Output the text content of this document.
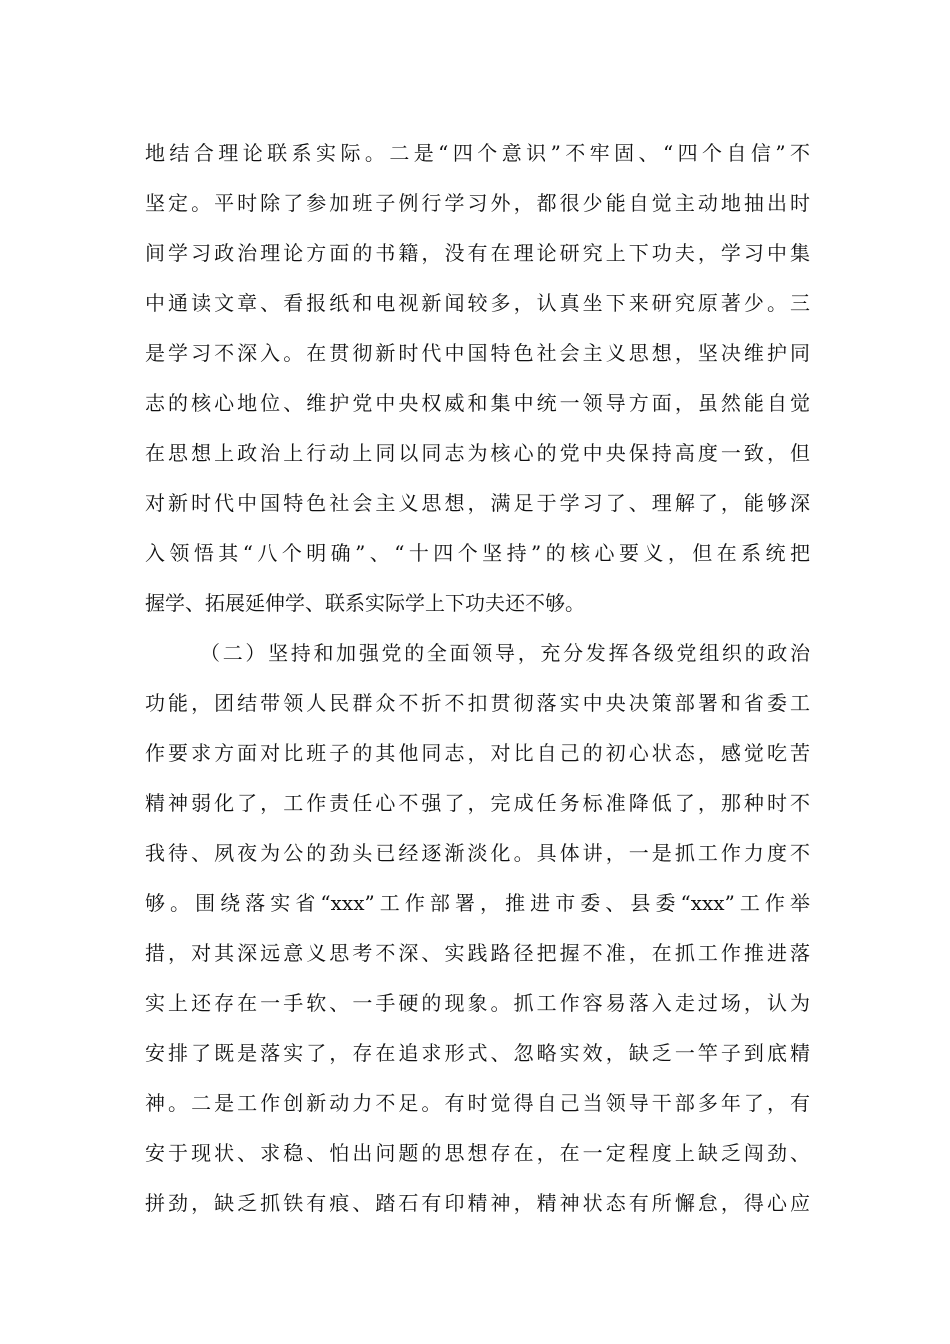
地结合理论联系实际。二是“四个意识”不牢固、“四个自信”不
坚定。平时除了参加班子例行学习外，都很少能自觉主动地抽出时
间学习政治理论方面的书籍，没有在理论研究上下功夫，学习中集
中通读文章、看报纸和电视新闻较多，认真坐下来研究原著少。三
是学习不深入。在贯彻新时代中国特色社会主义思想，坚决维护同
志的核心地位、维护党中央权威和集中统一领导方面，虽然能自觉
在思想上政治上行动上同以同志为核心的党中央保持高度一致，但
对新时代中国特色社会主义思想，满足于学习了、理解了，能够深
入领悟其“八个明确”、“十四个坚持”的核心要义，但在系统把
握学、拓展延伸学、联系实际学上下功夫还不够。
（二）坚持和加强党的全面领导，充分发挥各级党组织的政治
功能，团结带领人民群众不折不扣贯彻落实中央决策部署和省委工
作要求方面对比班子的其他同志，对比自己的初心状态，感觉吃苦
精神弱化了，工作责任心不强了，完成任务标准降低了，那种时不
我待、夙夜为公的劲头已经逐渐淡化。具体讲，一是抓工作力度不
够。围绕落实省“xxx”工作部署，推进市委、县委“xxx”工作举
措，对其深远意义思考不深、实践路径把握不准，在抓工作推进落
实上还存在一手软、一手硬的现象。抓工作容易落入走过场，认为
安排了既是落实了，存在追求形式、忽略实效，缺乏一竿子到底精
神。二是工作创新动力不足。有时觉得自己当领导干部多年了，有
安于现状、求稳、怕出问题的思想存在，在一定程度上缺乏闯劲、
拼劲，缺乏抓铁有痕、踏石有印精神，精神状态有所懈怠，得心应
